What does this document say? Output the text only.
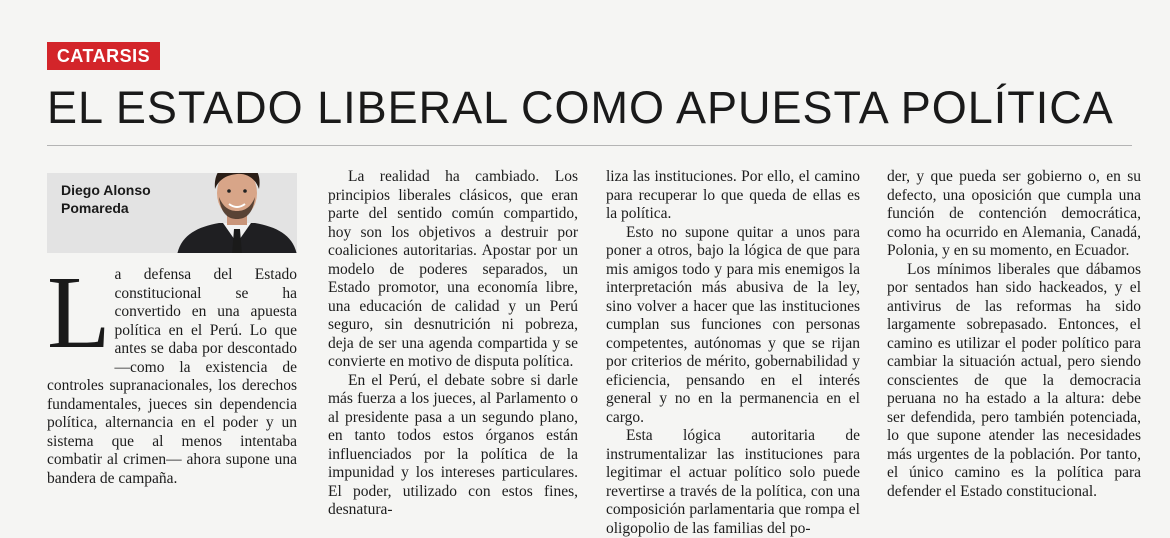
CATARSIS
EL ESTADO LIBERAL COMO APUESTA POLÍTICA
Diego Alonso
Pomareda
L a defensa del Estado constitucional se ha convertido en una apuesta política en el Perú. Lo que antes se daba por descontado —como la existencia de controles supranacionales, los derechos fundamentales, jueces sin dependencia política, alternancia en el poder y un sistema que al menos intentaba combatir al crimen— ahora supone una bandera de campaña.

La realidad ha cambiado. Los principios liberales clásicos, que eran parte del sentido común compartido, hoy son los objetivos a destruir por coaliciones autoritarias. Apostar por un modelo de poderes separados, un Estado promotor, una economía libre, una educación de calidad y un Perú seguro, sin desnutrición ni pobreza, deja de ser una agenda compartida y se convierte en motivo de disputa política.

En el Perú, el debate sobre si darle más fuerza a los jueces, al Parlamento o al presidente pasa a un segundo plano, en tanto todos estos órganos están influenciados por la política de la impunidad y los intereses particulares. El poder, utilizado con estos fines, desnatura-

liza las instituciones. Por ello, el camino para recuperar lo que queda de ellas es la política.

Esto no supone quitar a unos para poner a otros, bajo la lógica de que para mis amigos todo y para mis enemigos la interpretación más abusiva de la ley, sino volver a hacer que las instituciones cumplan sus funciones con personas competentes, autónomas y que se rijan por criterios de mérito, gobernabilidad y eficiencia, pensando en el interés general y no en la permanencia en el cargo.

Esta lógica autoritaria de instrumentalizar las instituciones para legitimar el actuar político solo puede revertirse a través de la política, con una composición parlamentaria que rompa el oligopolio de las familias del po-

der, y que pueda ser gobierno o, en su defecto, una oposición que cumpla una función de contención democrática, como ha ocurrido en Alemania, Canadá, Polonia, y en su momento, en Ecuador.

Los mínimos liberales que dábamos por sentados han sido hackeados, y el antivirus de las reformas ha sido largamente sobrepasado. Entonces, el camino es utilizar el poder político para cambiar la situación actual, pero siendo conscientes de que la democracia peruana no ha estado a la altura: debe ser defendida, pero también potenciada, lo que supone atender las necesidades más urgentes de la población. Por tanto, el único camino es la política para defender el Estado constitucional.
